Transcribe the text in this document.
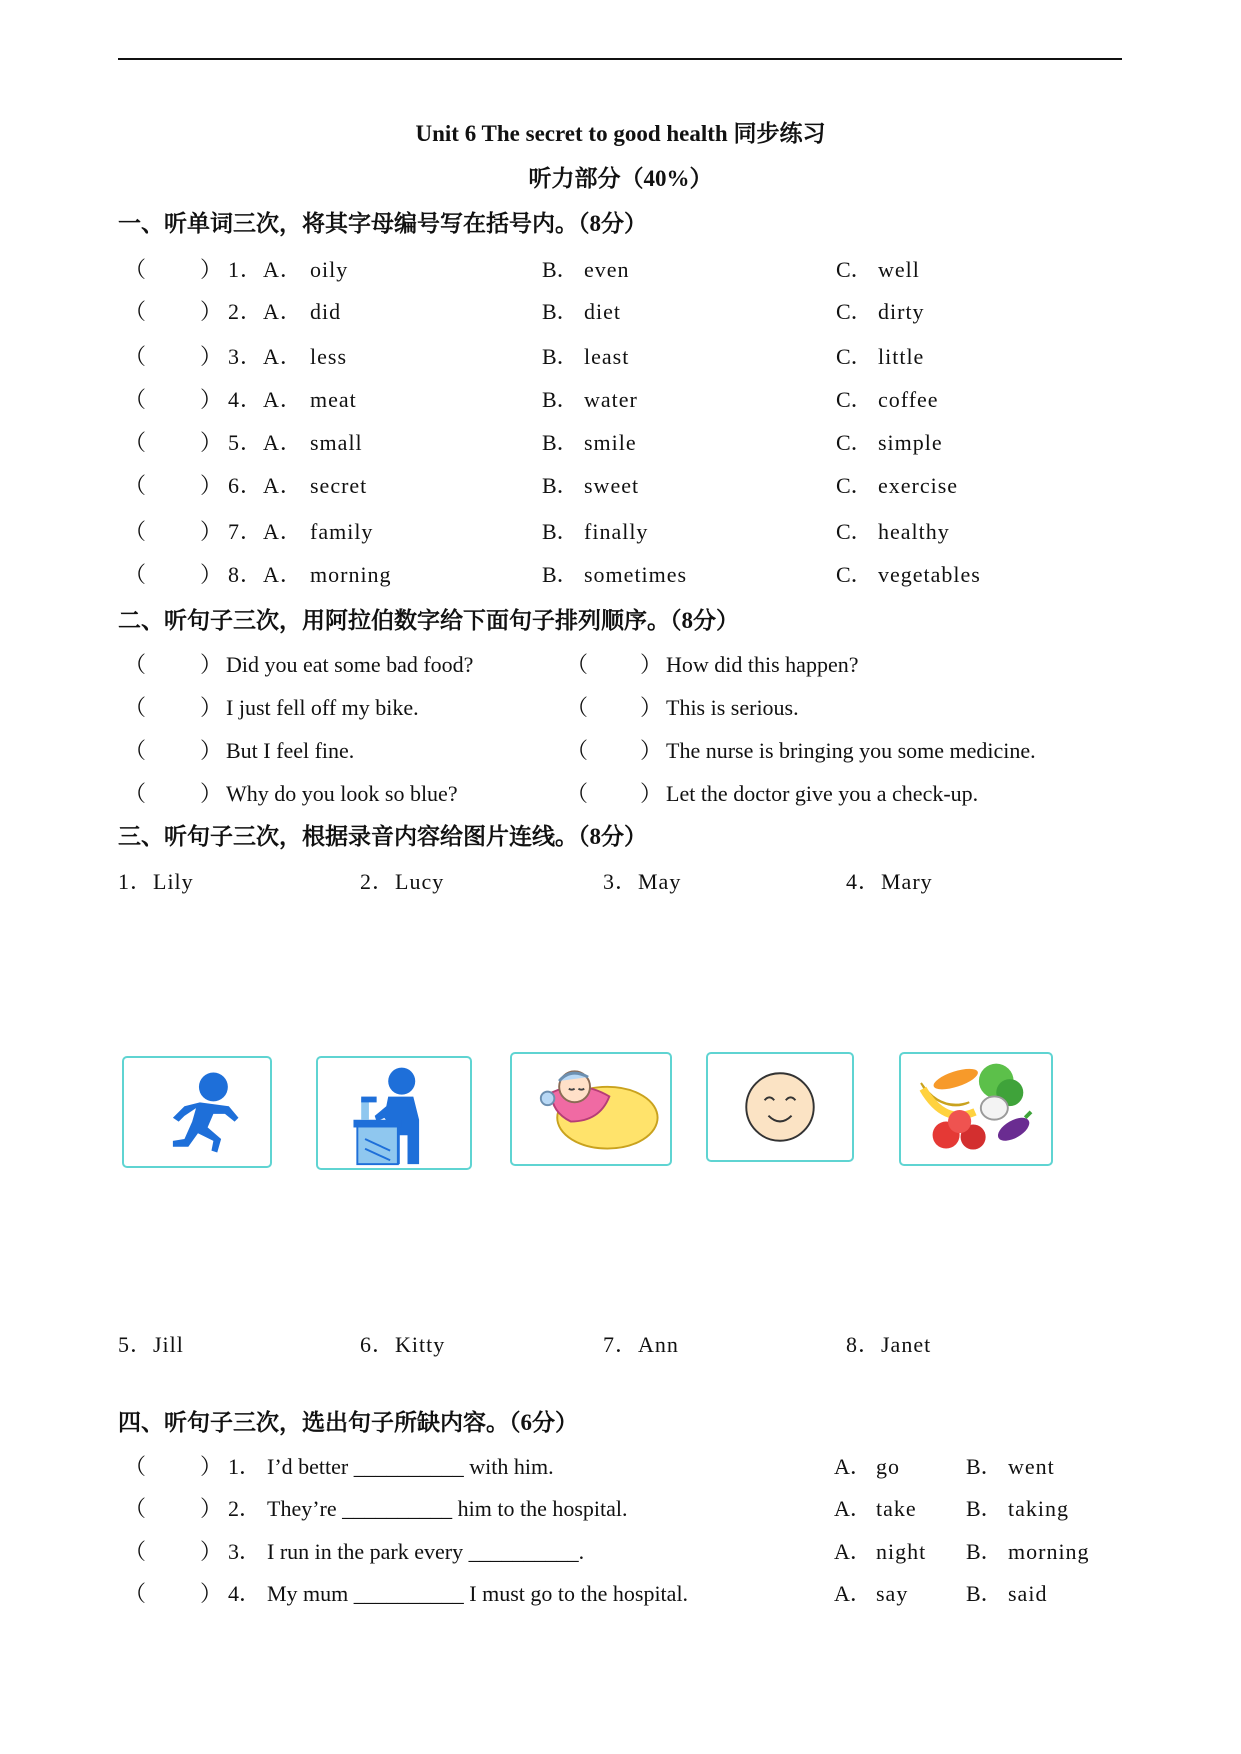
Unit 6 The secret to good health 同步练习
听力部分（40%）
一、听单词三次，将其字母编号写在括号内。（8分）
（ ） 1．A． oily	B． even	C． well
（ ） 2．A． did	B． diet	C． dirty
（ ） 3．A． less	B． least	C． little
（ ） 4．A． meat	B． water	C． coffee
（ ） 5．A． small	B． smile	C． simple
（ ） 6．A． secret	B． sweet	C． exercise
（ ） 7．A． family	B． finally	C． healthy
（ ） 8．A． morning	B． sometimes	C． vegetables
二、听句子三次，用阿拉伯数字给下面句子排列顺序。（8分）
（ ） Did you eat some bad food?	（ ） How did this happen?
（ ） I just fell off my bike.	（ ） This is serious.
（ ） But I feel fine.	（ ） The nurse is bringing you some medicine.
（ ） Why do you look so blue?	（ ） Let the doctor give you a check-up.
三、听句子三次，根据录音内容给图片连线。（8分）
1．Lily	2．Lucy	3．May	4．Mary
5．Jill	6．Kitty	7．Ann	8．Janet
四、听句子三次，选出句子所缺内容。（6分）
（ ） 1． I’d better __________ with him.	A． go	B． went
（ ） 2． They’re __________ him to the hospital.	A． take B． taking
（ ） 3． I run in the park every __________.	A． night B． morning
（ ） 4． My mum __________ I must go to the hospital.	A． say	B． said
